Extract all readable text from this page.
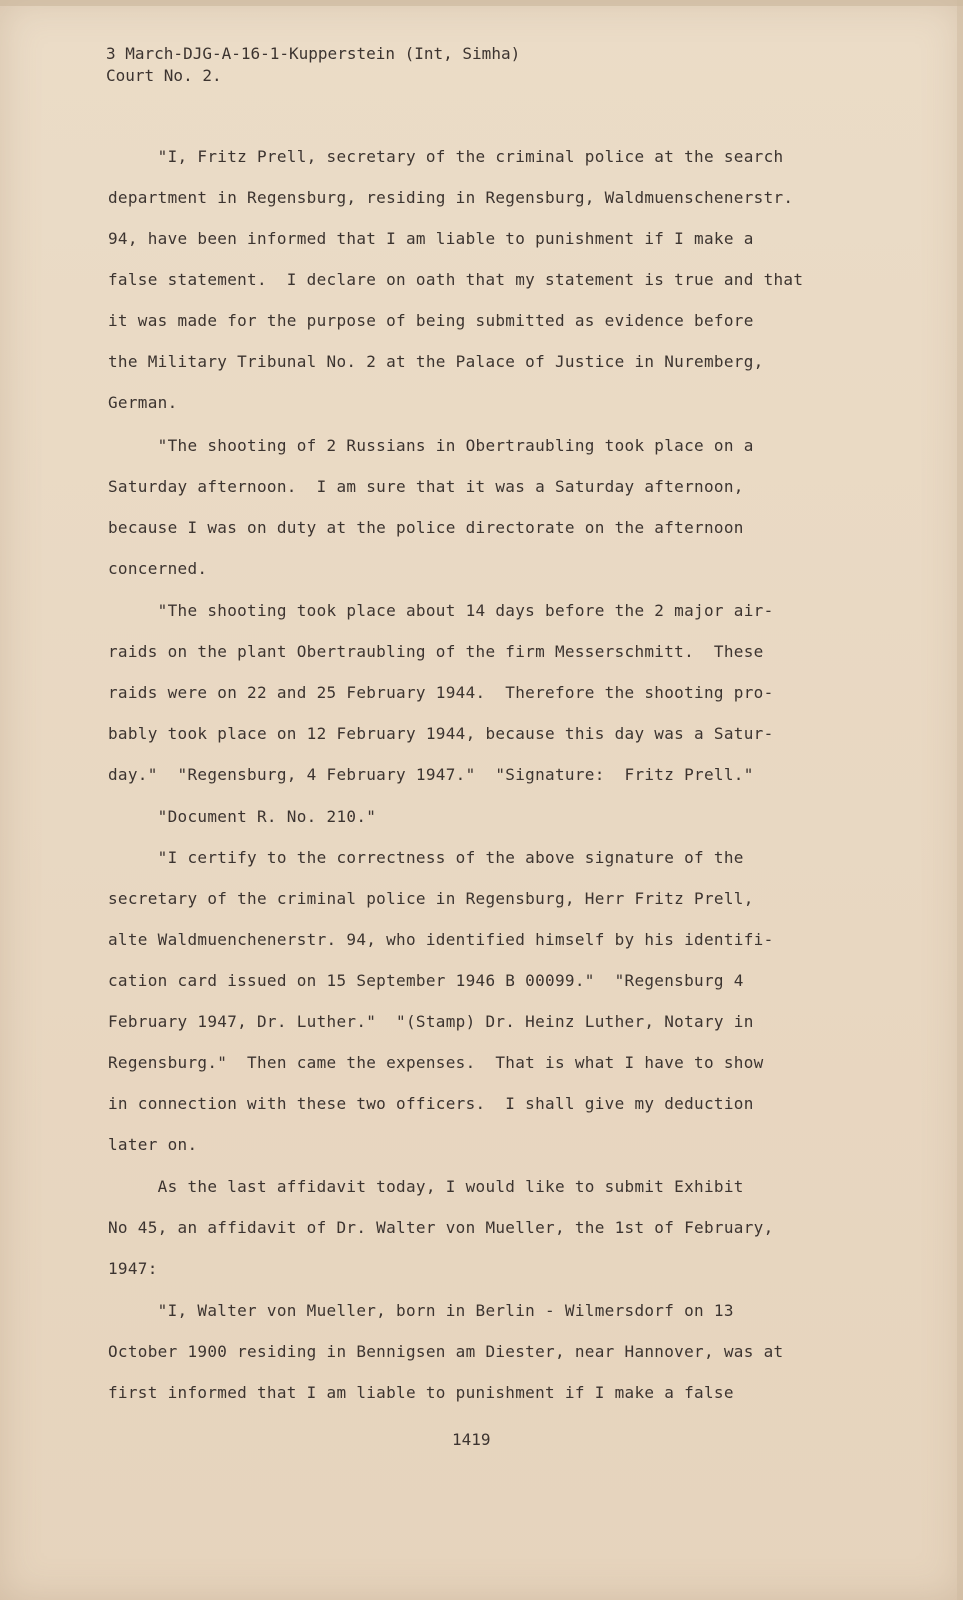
3 March-DJG-A-16-1-Kupperstein (Int, Simha)
Court No. 2.
"I, Fritz Prell, secretary of the criminal police at the search
department in Regensburg, residing in Regensburg, Waldmuenschenerstr.
94, have been informed that I am liable to punishment if I make a
false statement.  I declare on oath that my statement is true and that
it was made for the purpose of being submitted as evidence before
the Military Tribunal No. 2 at the Palace of Justice in Nuremberg,
German.
"The shooting of 2 Russians in Obertraubling took place on a
Saturday afternoon.  I am sure that it was a Saturday afternoon,
because I was on duty at the police directorate on the afternoon
concerned.
"The shooting took place about 14 days before the 2 major air-
raids on the plant Obertraubling of the firm Messerschmitt.  These
raids were on 22 and 25 February 1944.  Therefore the shooting pro-
bably took place on 12 February 1944, because this day was a Satur-
day."  "Regensburg, 4 February 1947."  "Signature:  Fritz Prell."
"Document R. No. 210."
"I certify to the correctness of the above signature of the
secretary of the criminal police in Regensburg, Herr Fritz Prell,
alte Waldmuenchenerstr. 94, who identified himself by his identifi-
cation card issued on 15 September 1946 B 00099."  "Regensburg 4
February 1947, Dr. Luther."  "(Stamp) Dr. Heinz Luther, Notary in
Regensburg."  Then came the expenses.  That is what I have to show
in connection with these two officers.  I shall give my deduction
later on.
As the last affidavit today, I would like to submit Exhibit
No 45, an affidavit of Dr. Walter von Mueller, the 1st of February,
1947:
"I, Walter von Mueller, born in Berlin - Wilmersdorf on 13
October 1900 residing in Bennigsen am Diester, near Hannover, was at
first informed that I am liable to punishment if I make a false
1419
